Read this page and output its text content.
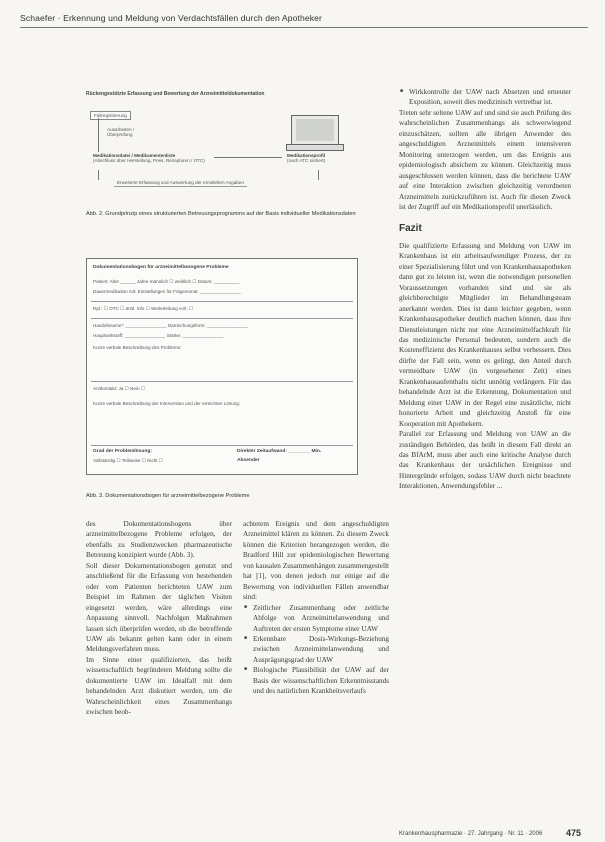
Schaefer · Erkennung und Meldung von Verdachtsfällen durch den Apotheker
Rückengestützte Erfassung und Bewertung der Arzneimitteldokumentation
Fallregistrierung
Ausarbeiten / Überprüfung
Medikationsdatei / Medikamentenliste
(Abschluss über Herstellung, Preis, Rezepturen / OTC)
Medikationsprofil
(nach ATC sortiert)
Erweiterte Erfassung und Auswertung der ermittelten Angaben
Abb. 2. Grundprinzip eines strukturierten Betreuungsprogramms auf der Basis individueller Medikationsdaten
Dokumentationsbogen für arzneimittelbezogene Probleme
Patient: Alter ______ Jahre männlich ☐ weiblich ☐ Datum: __________
Dauermedikation mit: Einstellungen für Folgemonat: ________________
Rpl.: ☐ OTC ☐ ärztl. Info ☐ Weiterleitung vorl. ☐
Handelsname*: ________________ Darreichungsform: ________________
Hauptwirkstoff: ________________ Stärke: ________________
Kurze verbale Beschreibung des Problems:
Arztkontakt: Ja ☐ Nein ☐
Kurze verbale Beschreibung der Intervention und der erreichten Lösung:
Grad der Problemlösung:
Vollständig ☐ Teilweise ☐ Nicht ☐
Direkter Zeitaufwand: ________ Min.
Absender
Abb. 3. Dokumentationsbogen für arzneimittelbezogene Probleme
■ Wirkkontrolle der UAW nach Absetzen und erneuter Exposition, soweit dies medizinisch vertretbar ist.

Treten sehr seltene UAW auf und sind sie auch Prüfung des wahrscheinlichen Zusammenhangs als schwerwiegend einzuschätzen, sollten alle übrigen Anwender des angeschuldigten Arzneimittels einem intensiveren Monitoring unterzogen werden, um das Ereignis aus epidemiologisch absichern zu können. Gleichzeitig muss ausgeschlossen werden können, dass die berichtete UAW auf eine Interaktion zwischen gleichzeitig verordneten Arzneimitteln zurückzuführen ist. Auch für diesen Zweck ist der Zugriff auf ein Medikationsprofil unerlässlich.

Fazit

Die qualifizierte Erfassung und Meldung von UAW im Krankenhaus ist ein arbeitsaufwendiger Prozess, der zu einer Spezialisierung führt und von Krankenhausapotheken dann gut zu leisten ist, wenn die notwendigen personellen Voraussetzungen vorhanden sind und sie als gleichberechtigte Mitglieder im Behandlungsteam anerkannt werden. Dies ist dann leichter gegeben, wenn Krankenhausapotheker deutlich machen können, dass ihre Dienstleistungen nicht nur eine Arzneimittelfachkraft für das medizinische Personal bedeuten, sondern auch die Kosteneffizienz des Krankenhauses selbst verbessern. Dies dürfte der Fall sein, wenn es gelingt, den Anteil durch vermeidbare UAW (in vorgesehener Zeit) eines Krankenhausaufenthalts nicht unnötig verlängern. Für das behandelnde Arzt ist die Erkennung, Dokumentation und Meldung einer UAW in der Regel eine zusätzliche, nicht honorierte Arbeit und gleichzeitig Anstoß für eine Kooperation mit Apothekern.

Parallel zur Erfassung und Meldung von UAW an die zuständigen Behörden, das heißt in diesem Fall direkt an das BfArM, muss aber auch eine kritische Analyse durch das Krankenhaus der ursächlichen Ereignisse und Hintergründe erfolgen, sodass UAW durch nicht beachtete Interaktionen, Anwendungsfehler ...

des Dokumentationsbogens über arzneimittelbezogene Probleme erfolgen, der ebenfalls zu Studienzwecken pharmazeutische Betreuung konzipiert wurde (Abb. 3).

Soll dieser Dokumentationsbogen genutzt und anschließend für die Erfassung von bestehenden oder vom Patienten berichteten UAW zum Beispiel im Rahmen der täglichen Visiten eingesetzt werden, wäre allerdings eine Anpassung sinnvoll. Nachfolgen Maßnahmen lassen sich überprüfen werden, ob die betreffende UAW als bekannt gelten kann oder in einem Meldungsverfahren muss.

Im Sinne einer qualifizierten, das heißt wissenschaftlich begründeten Meldung sollte die dokumentierte UAW im Idealfall mit dem behandelnden Arzt diskutiert werden, um die Wahrscheinlichkeit eines Zusammenhangs zwischen beob-

achtetem Ereignis und dem angeschuldigten Arzneimittel klären zu können. Zu diesem Zweck können die Kriterien herangezogen werden, die Bradford Hill zur epidemiologischen Bewertung von kausalen Zusammenhängen zusammengestellt hat [1], von denen jedoch nur einige auf die Bewertung von individuellen Fällen anwendbar sind:

■ Zeitlicher Zusammenhang oder zeitliche Abfolge von Arzneimittelanwendung und Auftreten der ersten Symptome einer UAW
■ Erkennbare Dosis-Wirkungs-Beziehung zwischen Arzneimittelanwendung und Ausprägungsgrad der UAW
■ Biologische Plausibilität der UAW auf der Basis der wissenschaftlichen Erkenntnisstands und des natürlichen Krankheitsverlaufs
Krankenhauspharmazie · 27. Jahrgang · Nr. 11 · 2006	475
